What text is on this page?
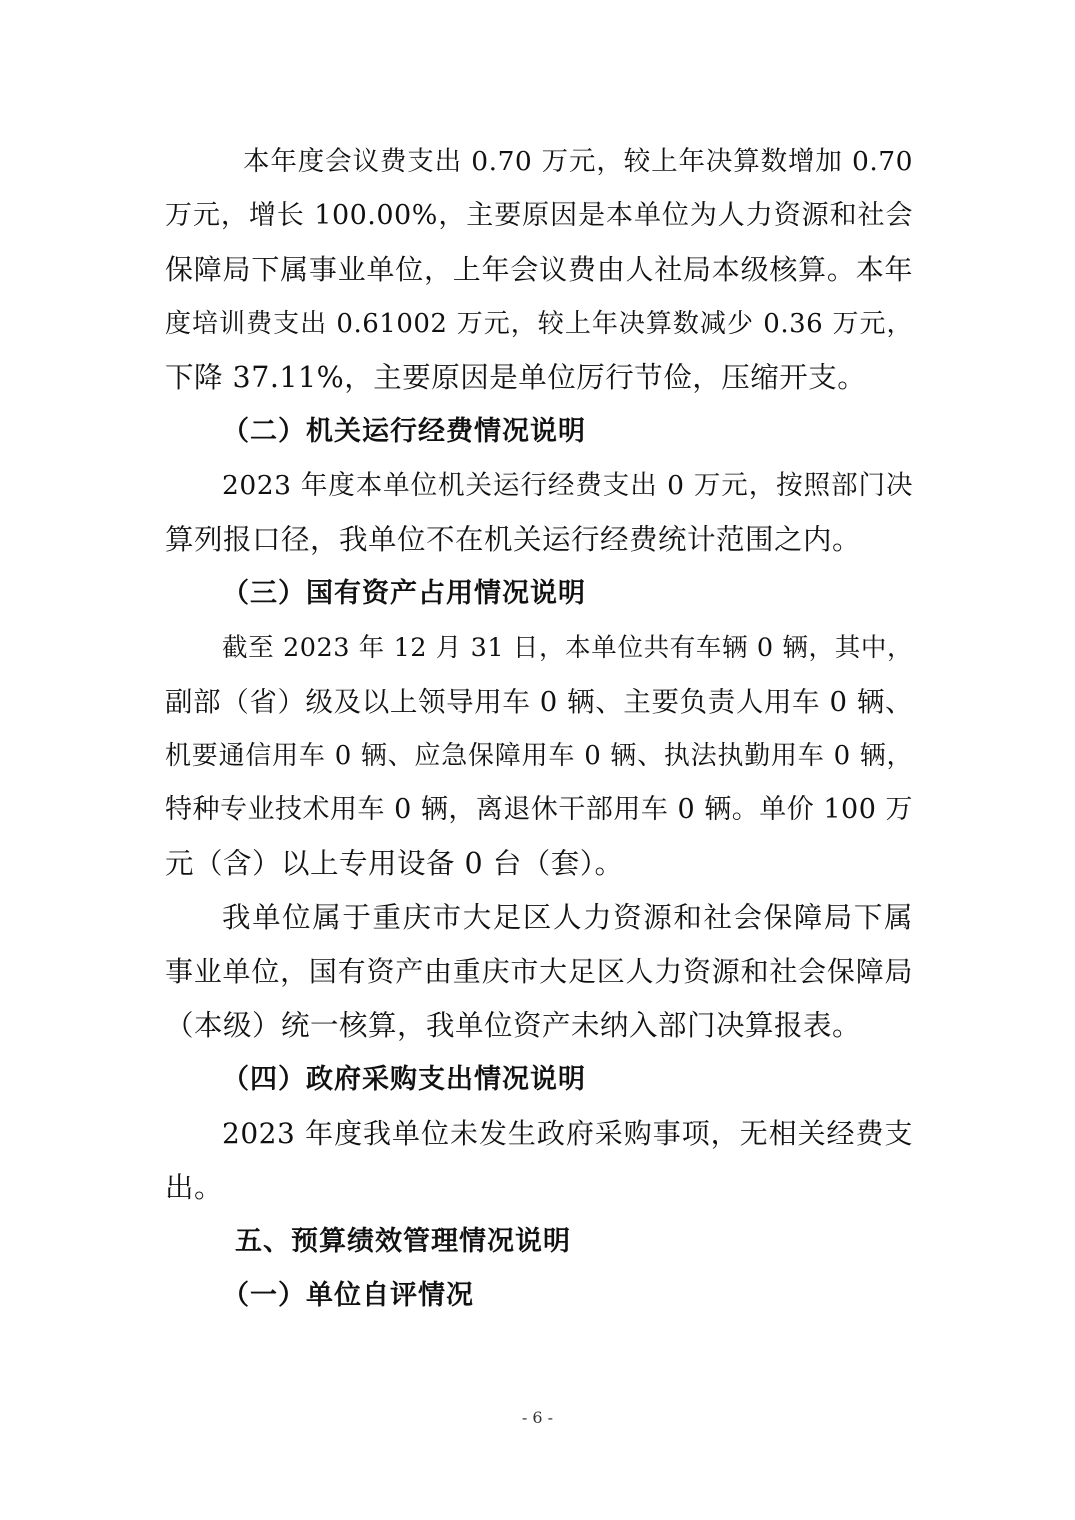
本年度会议费支出 0.70 万元，较上年决算数增加 0.70
万元，增长 100.00%，主要原因是本单位为人力资源和社会
保障局下属事业单位，上年会议费由人社局本级核算。本年
度培训费支出 0.61002 万元，较上年决算数减少 0.36 万元，
下降 37.11%，主要原因是单位厉行节俭，压缩开支。
（二）机关运行经费情况说明
2023 年度本单位机关运行经费支出 0 万元，按照部门决
算列报口径，我单位不在机关运行经费统计范围之内。
（三）国有资产占用情况说明
截至 2023 年 12 月 31 日，本单位共有车辆 0 辆，其中，
副部（省）级及以上领导用车 0 辆、主要负责人用车 0 辆、
机要通信用车 0 辆、应急保障用车 0 辆、执法执勤用车 0 辆，
特种专业技术用车 0 辆，离退休干部用车 0 辆。单价 100 万
元（含）以上专用设备 0 台（套）。
我单位属于重庆市大足区人力资源和社会保障局下属
事业单位，国有资产由重庆市大足区人力资源和社会保障局
（本级）统一核算，我单位资产未纳入部门决算报表。
（四）政府采购支出情况说明
2023 年度我单位未发生政府采购事项，无相关经费支
出。
五、预算绩效管理情况说明
（一）单位自评情况
- 6 -
